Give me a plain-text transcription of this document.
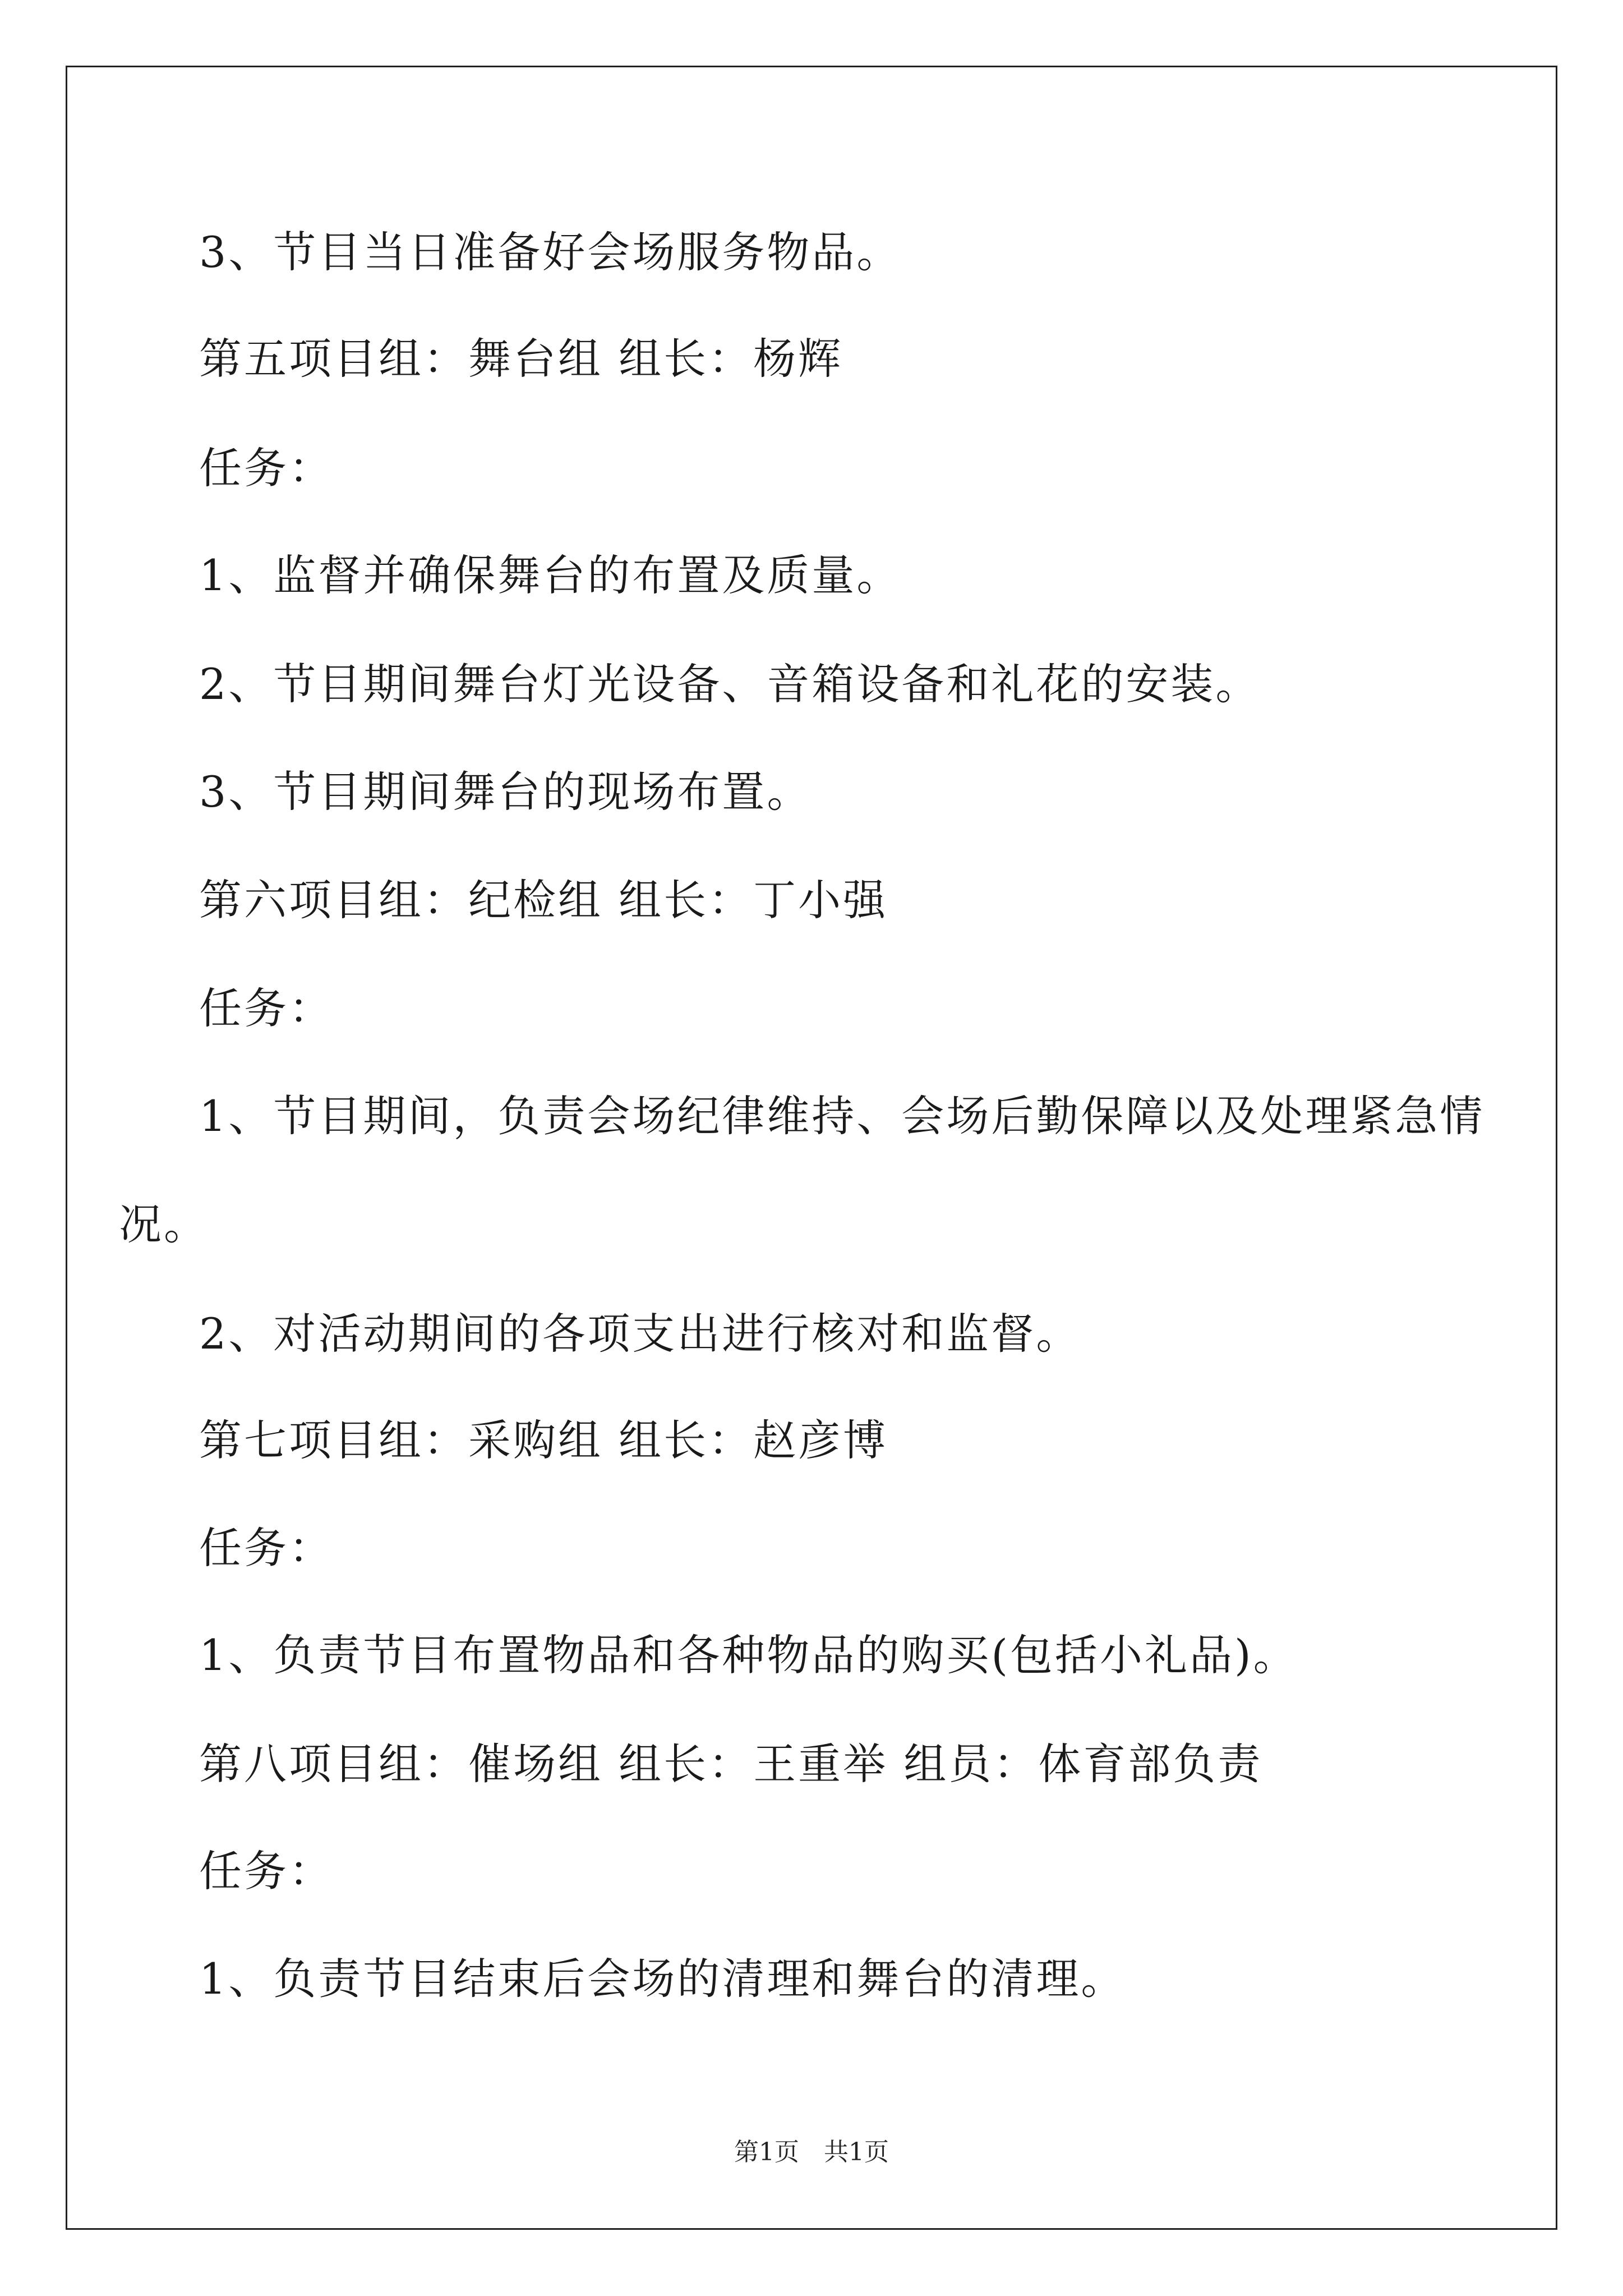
3、节目当日准备好会场服务物品。

第五项目组：舞台组 组长：杨辉

任务：

1、监督并确保舞台的布置及质量。

2、节目期间舞台灯光设备、音箱设备和礼花的安装。

3、节目期间舞台的现场布置。

第六项目组：纪检组 组长：丁小强

任务：

1、节目期间，负责会场纪律维持、会场后勤保障以及处理紧急情

况。

2、对活动期间的各项支出进行核对和监督。

第七项目组：采购组 组长：赵彦博

任务：

1、负责节目布置物品和各种物品的购买(包括小礼品)。

第八项目组：催场组 组长：王重举 组员：体育部负责

任务：

1、负责节目结束后会场的清理和舞台的清理。

第1页　共1页
